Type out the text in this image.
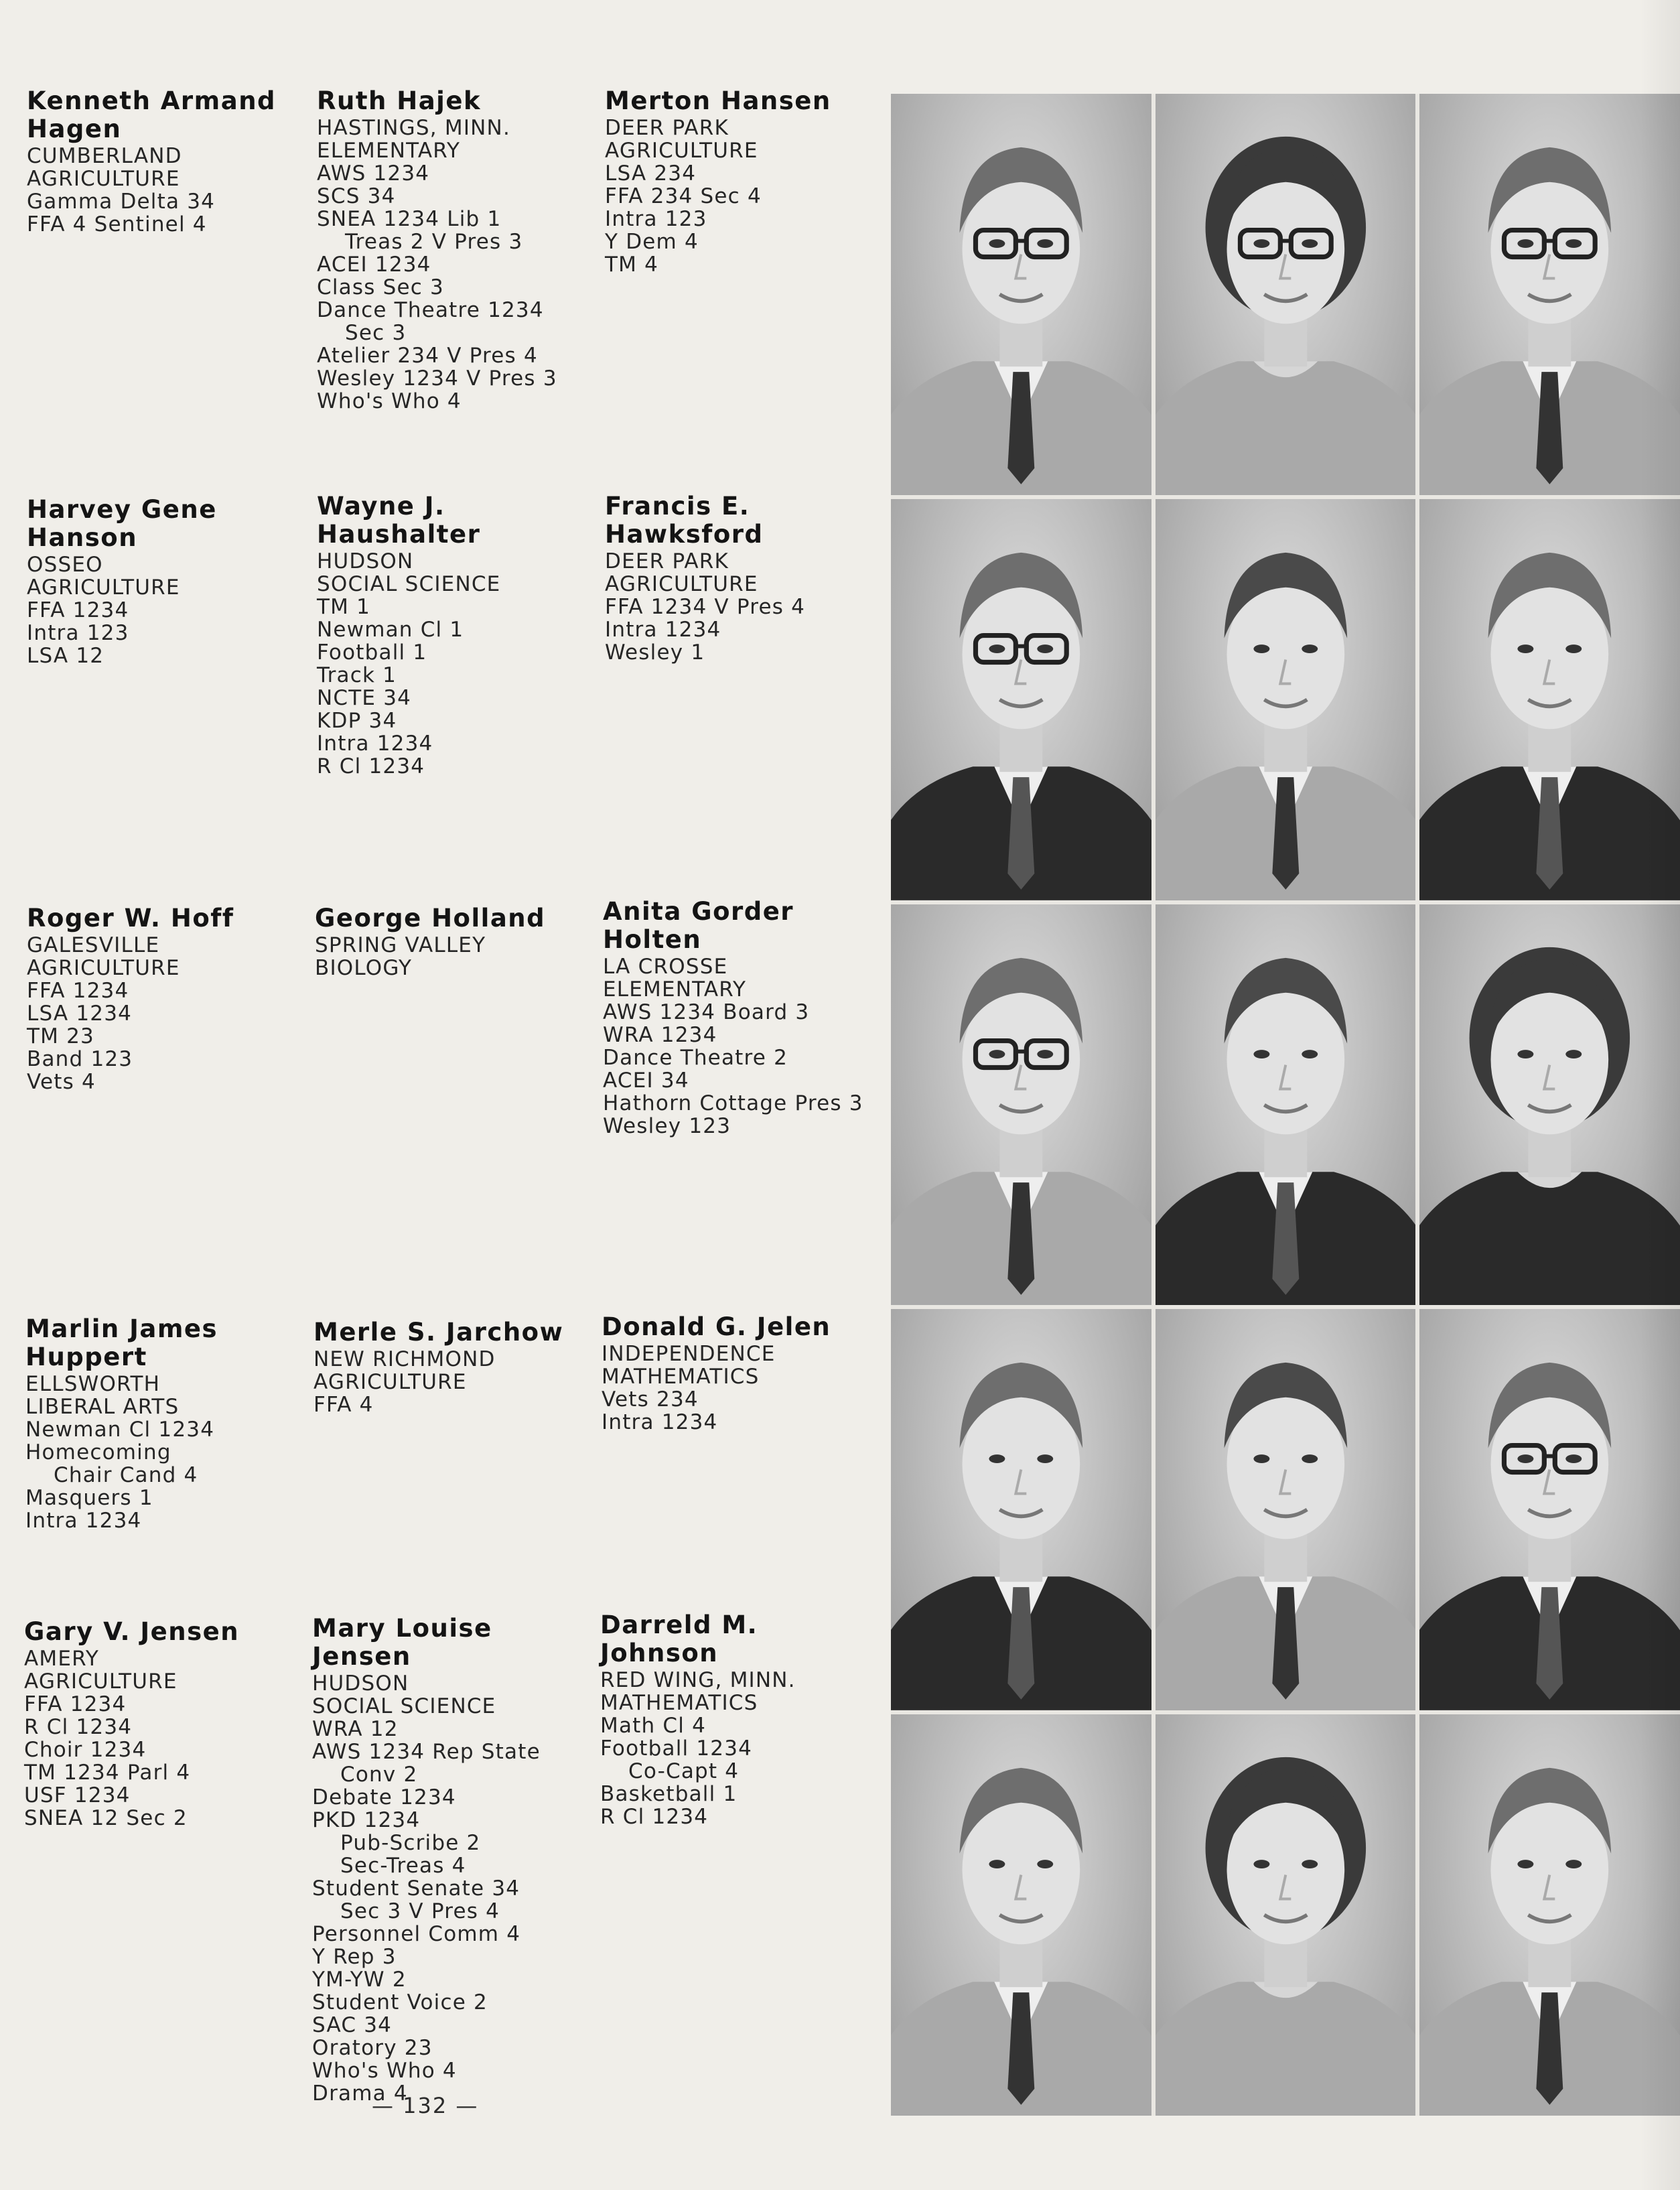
Kenneth Armand Hagen
CUMBERLAND
AGRICULTURE
Gamma Delta 34
FFA 4 Sentinel 4
Ruth Hajek
HASTINGS, MINN.
ELEMENTARY
AWS 1234
SCS 34
SNEA 1234 Lib 1
Treas 2 V Pres 3
ACEI 1234
Class Sec 3
Dance Theatre 1234
Sec 3
Atelier 234 V Pres 4
Wesley 1234 V Pres 3
Who's Who 4
Merton Hansen
DEER PARK
AGRICULTURE
LSA 234
FFA 234 Sec 4
Intra 123
Y Dem 4
TM 4
Harvey Gene Hanson
OSSEO
AGRICULTURE
FFA 1234
Intra 123
LSA 12
Wayne J. Haushalter
HUDSON
SOCIAL SCIENCE
TM 1
Newman Cl 1
Football 1
Track 1
NCTE 34
KDP 34
Intra 1234
R Cl 1234
Francis E. Hawksford
DEER PARK
AGRICULTURE
FFA 1234 V Pres 4
Intra 1234
Wesley 1
Roger W. Hoff
GALESVILLE
AGRICULTURE
FFA 1234
LSA 1234
TM 23
Band 123
Vets 4
George Holland
SPRING VALLEY
BIOLOGY
Anita Gorder Holten
LA CROSSE
ELEMENTARY
AWS 1234 Board 3
WRA 1234
Dance Theatre 2
ACEI 34
Hathorn Cottage Pres 3
Wesley 123
Marlin James Huppert
ELLSWORTH
LIBERAL ARTS
Newman Cl 1234
Homecoming
Chair Cand 4
Masquers 1
Intra 1234
Merle S. Jarchow
NEW RICHMOND
AGRICULTURE
FFA 4
Donald G. Jelen
INDEPENDENCE
MATHEMATICS
Vets 234
Intra 1234
Gary V. Jensen
AMERY
AGRICULTURE
FFA 1234
R Cl 1234
Choir 1234
TM 1234 Parl 4
USF 1234
SNEA 12 Sec 2
Mary Louise Jensen
HUDSON
SOCIAL SCIENCE
WRA 12
AWS 1234 Rep State
Conv 2
Debate 1234
PKD 1234
Pub-Scribe 2
Sec-Treas 4
Student Senate 34
Sec 3 V Pres 4
Personnel Comm 4
Y Rep 3
YM-YW 2
Student Voice 2
SAC 34
Oratory 23
Who's Who 4
Drama 4
Darreld M. Johnson
RED WING, MINN.
MATHEMATICS
Math Cl 4
Football 1234
Co-Capt 4
Basketball 1
R Cl 1234
— 132 —
